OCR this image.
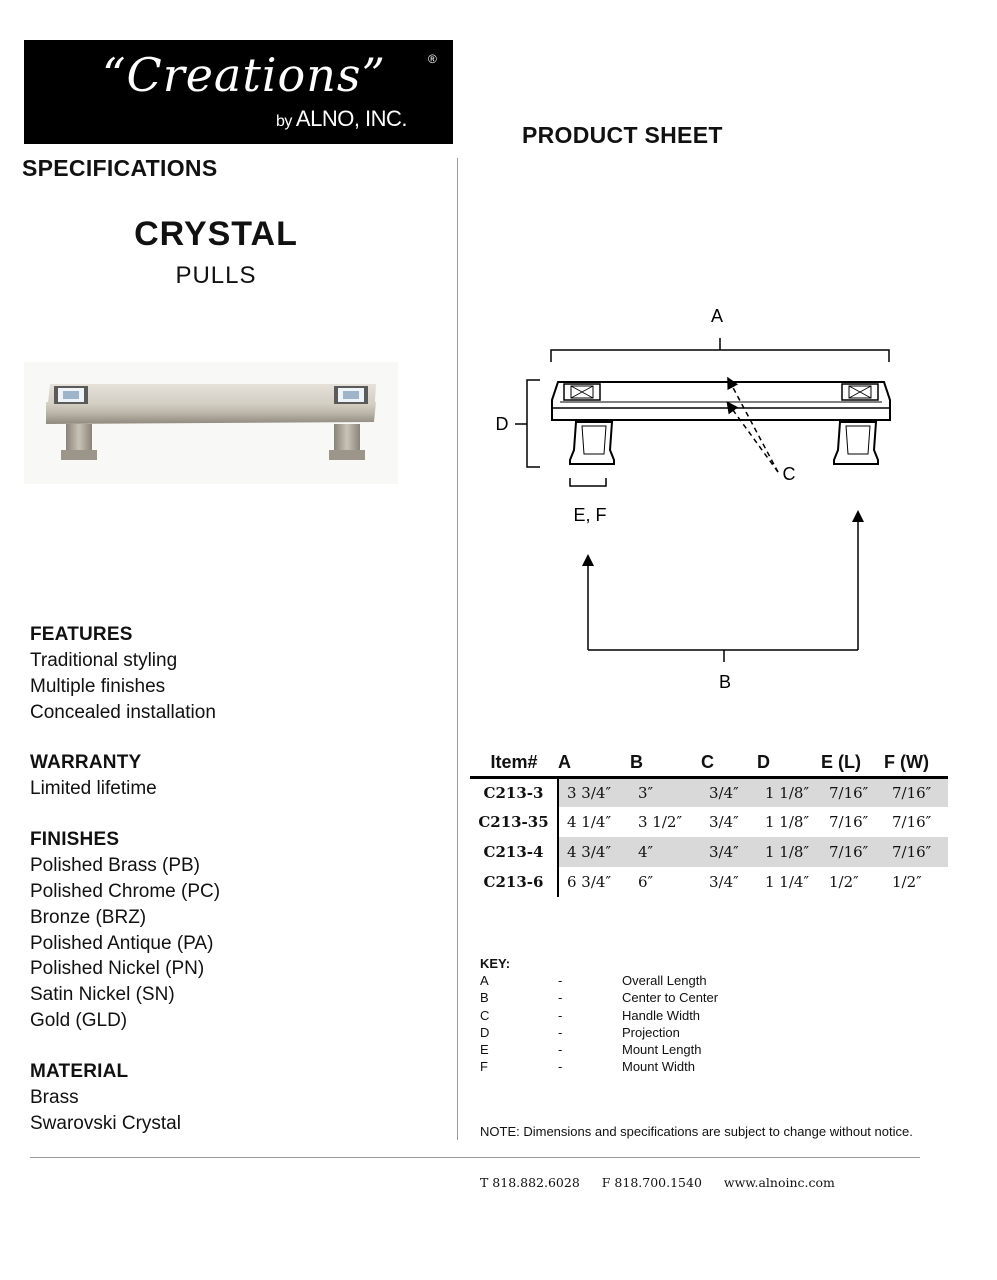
“Creations”	®
by ALNO, INC.
PRODUCT SHEET
SPECIFICATIONS
CRYSTAL
PULLS
FEATURES
Traditional styling
Multiple finishes
Concealed installation
WARRANTY
Limited lifetime
FINISHES
Polished Brass (PB)
Polished Chrome (PC)
Bronze (BRZ)
Polished Antique (PA)
Polished Nickel (PN)
Satin Nickel (SN)
Gold (GLD)
MATERIAL
Brass
Swarovski Crystal
A
D
C
E, F
B
Item#	A	B	C	D	E (L)	F (W)
C213-3	3 3/4″	3″	3/4″	1 1/8″	7/16″	7/16″
C213-35	4 1/4″	3 1/2″	3/4″	1 1/8″	7/16″	7/16″
C213-4	4 3/4″	4″	3/4″	1 1/8″	7/16″	7/16″
C213-6	6 3/4″	6″	3/4″	1 1/4″	1/2″	1/2″
KEY:
A	-	Overall Length
B	-	Center to Center
C	-	Handle Width
D	-	Projection
E	-	Mount Length
F	-	Mount Width
NOTE: Dimensions and specifications are subject to change without notice.
T 818.882.6028 F 818.700.1540 www.alnoinc.com
